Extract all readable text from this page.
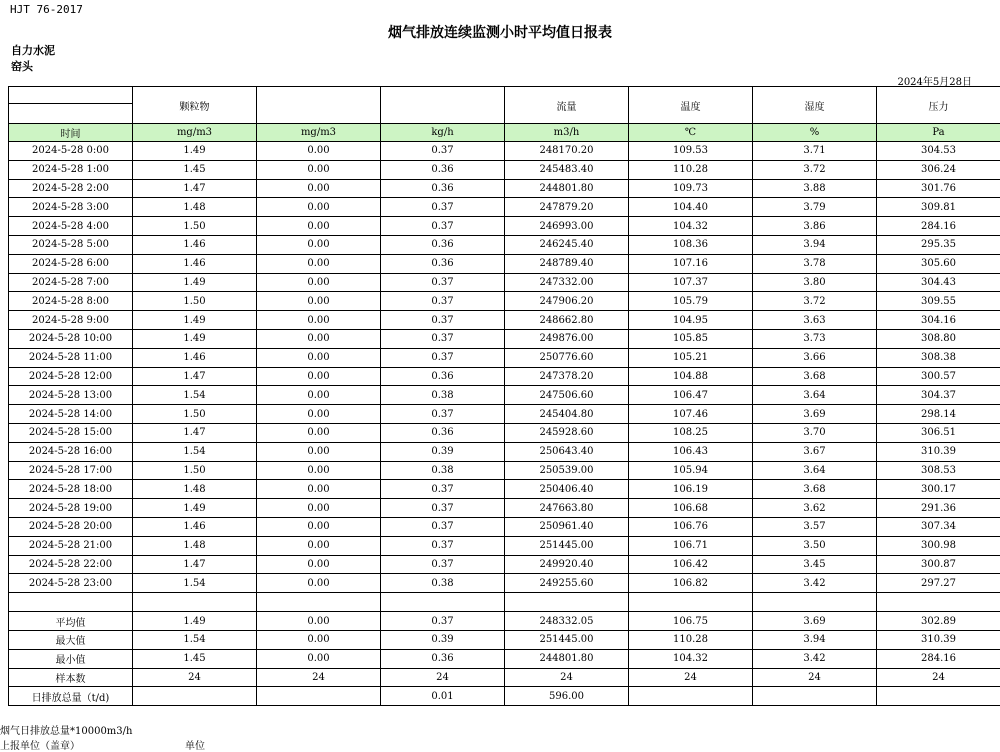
HJT 76-2017
烟气排放连续监测小时平均值日报表
自力水泥
窑头
2024年5月28日
	颗粒物			流量	温度	湿度	压力
时间	mg/m3	mg/m3	kg/h	m3/h	℃	%	Pa
2024-5-28 0:00	1.49	0.00	0.37	248170.20	109.53	3.71	304.53
2024-5-28 1:00	1.45	0.00	0.36	245483.40	110.28	3.72	306.24
2024-5-28 2:00	1.47	0.00	0.36	244801.80	109.73	3.88	301.76
2024-5-28 3:00	1.48	0.00	0.37	247879.20	104.40	3.79	309.81
2024-5-28 4:00	1.50	0.00	0.37	246993.00	104.32	3.86	284.16
2024-5-28 5:00	1.46	0.00	0.36	246245.40	108.36	3.94	295.35
2024-5-28 6:00	1.46	0.00	0.36	248789.40	107.16	3.78	305.60
2024-5-28 7:00	1.49	0.00	0.37	247332.00	107.37	3.80	304.43
2024-5-28 8:00	1.50	0.00	0.37	247906.20	105.79	3.72	309.55
2024-5-28 9:00	1.49	0.00	0.37	248662.80	104.95	3.63	304.16
2024-5-28 10:00	1.49	0.00	0.37	249876.00	105.85	3.73	308.80
2024-5-28 11:00	1.46	0.00	0.37	250776.60	105.21	3.66	308.38
2024-5-28 12:00	1.47	0.00	0.36	247378.20	104.88	3.68	300.57
2024-5-28 13:00	1.54	0.00	0.38	247506.60	106.47	3.64	304.37
2024-5-28 14:00	1.50	0.00	0.37	245404.80	107.46	3.69	298.14
2024-5-28 15:00	1.47	0.00	0.36	245928.60	108.25	3.70	306.51
2024-5-28 16:00	1.54	0.00	0.39	250643.40	106.43	3.67	310.39
2024-5-28 17:00	1.50	0.00	0.38	250539.00	105.94	3.64	308.53
2024-5-28 18:00	1.48	0.00	0.37	250406.40	106.19	3.68	300.17
2024-5-28 19:00	1.49	0.00	0.37	247663.80	106.68	3.62	291.36
2024-5-28 20:00	1.46	0.00	0.37	250961.40	106.76	3.57	307.34
2024-5-28 21:00	1.48	0.00	0.37	251445.00	106.71	3.50	300.98
2024-5-28 22:00	1.47	0.00	0.37	249920.40	106.42	3.45	300.87
2024-5-28 23:00	1.54	0.00	0.38	249255.60	106.82	3.42	297.27

平均值	1.49	0.00	0.37	248332.05	106.75	3.69	302.89
最大值	1.54	0.00	0.39	251445.00	110.28	3.94	310.39
最小值	1.45	0.00	0.36	244801.80	104.32	3.42	284.16
样本数	24	24	24	24	24	24	24
日排放总量（t/d)			0.01	596.00			
烟气日排放总量*10000m3/h
上报单位（盖章）	单位
